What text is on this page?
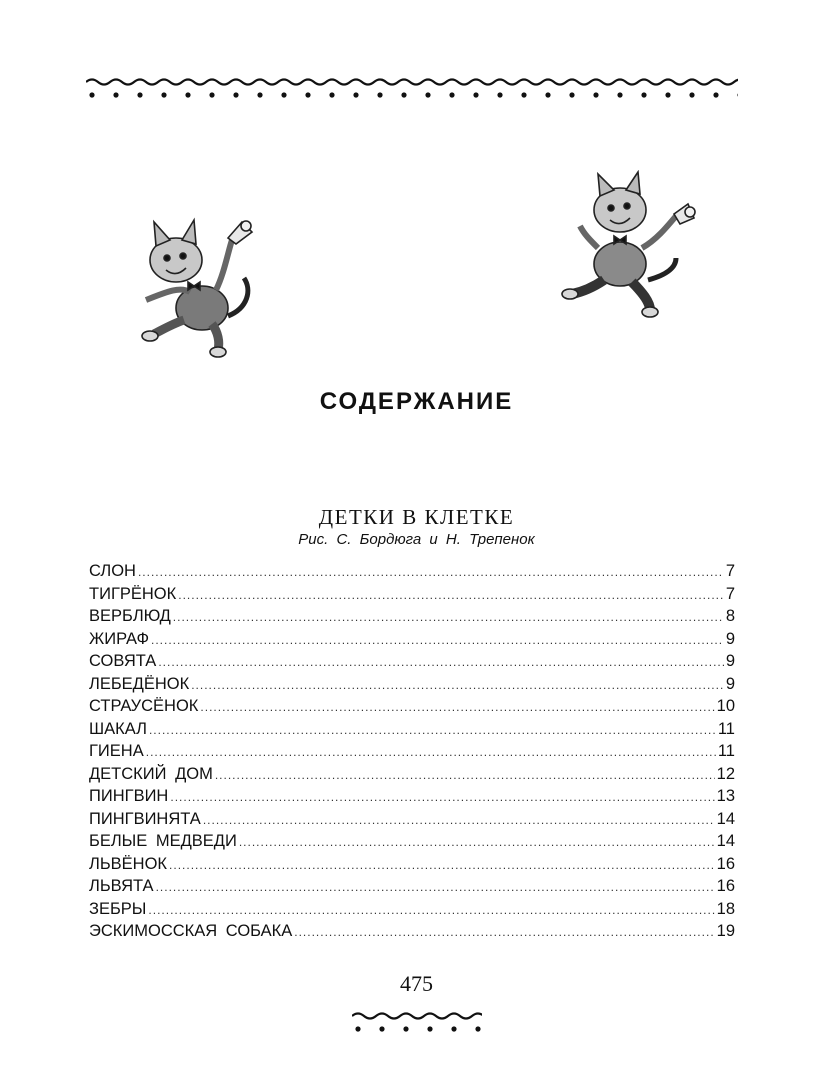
СОДЕРЖАНИЕ
ДЕТКИ В КЛЕТКЕ
Рис. С. Бордюга и Н. Трепенок
СЛОН .....	7
ТИГРЁНОК .....	7
ВЕРБЛЮД .....	8
ЖИРАФ .....	9
СОВЯТА .....	9
ЛЕБЕДЁНОК .....	9
СТРАУСЁНОК .....	10
ШАКАЛ .....	11
ГИЕНА .....	11
ДЕТСКИЙ ДОМ .....	12
ПИНГВИН .....	13
ПИНГВИНЯТА .....	14
БЕЛЫЕ МЕДВЕДИ .....	14
ЛЬВЁНОК .....	16
ЛЬВЯТА .....	16
ЗЕБРЫ .....	18
ЭСКИМОССКАЯ СОБАКА .....	19
475
